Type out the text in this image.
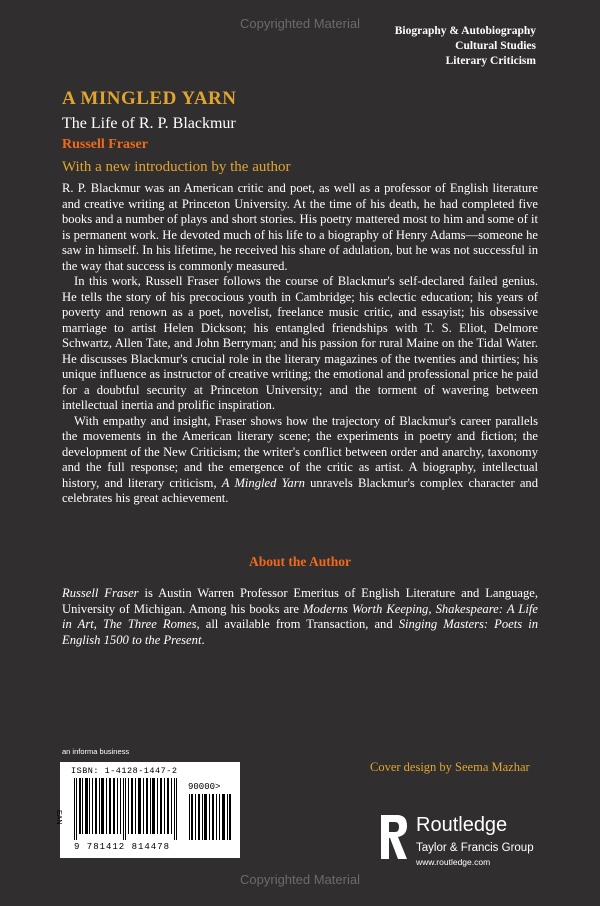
Copyrighted Material	Biography & Autobiography
Cultural Studies
Literary Criticism
A MINGLED YARN
The Life of R. P. Blackmur
Russell Fraser
With a new introduction by the author

R. P. Blackmur was an American critic and poet, as well as a professor of English literature and creative writing at Princeton University. At the time of his death, he had completed five books and a number of plays and short stories. His poetry mattered most to him and some of it is permanent work. He devoted much of his life to a biography of Henry Adams—someone he saw in himself. In his lifetime, he received his share of adulation, but he was not successful in the way that success is commonly measured.

In this work, Russell Fraser follows the course of Blackmur's self-declared failed genius. He tells the story of his precocious youth in Cambridge; his eclectic education; his years of poverty and renown as a poet, novelist, freelance music critic, and essayist; his obsessive marriage to artist Helen Dickson; his entangled friendships with T. S. Eliot, Delmore Schwartz, Allen Tate, and John Berryman; and his passion for rural Maine on the Tidal Water. He discusses Blackmur's crucial role in the literary magazines of the twenties and thirties; his unique influence as instructor of creative writing; the emotional and professional price he paid for a doubtful security at Princeton University; and the torment of wavering between intellectual inertia and prolific inspiration.

With empathy and insight, Fraser shows how the trajectory of Blackmur's career parallels the movements in the American literary scene; the experiments in poetry and fiction; the development of the New Criticism; the writer's conflict between order and anarchy, taxonomy and the full response; and the emergence of the critic as artist. A biography, intellectual history, and literary criticism, A Mingled Yarn unravels Blackmur's complex character and celebrates his great achievement.

About the Author

Russell Fraser is Austin Warren Professor Emeritus of English Literature and Language, University of Michigan. Among his books are Moderns Worth Keeping, Shakespeare: A Life in Art, The Three Romes, all available from Transaction, and Singing Masters: Poets in English 1500 to the Present.

an informa business
Cover design by Seema Mazhar
ISBN: 1-4128-1447-2
90000>
EAN
9 781412 814478
Routledge
Taylor & Francis Group
www.routledge.com
Copyrighted Material
